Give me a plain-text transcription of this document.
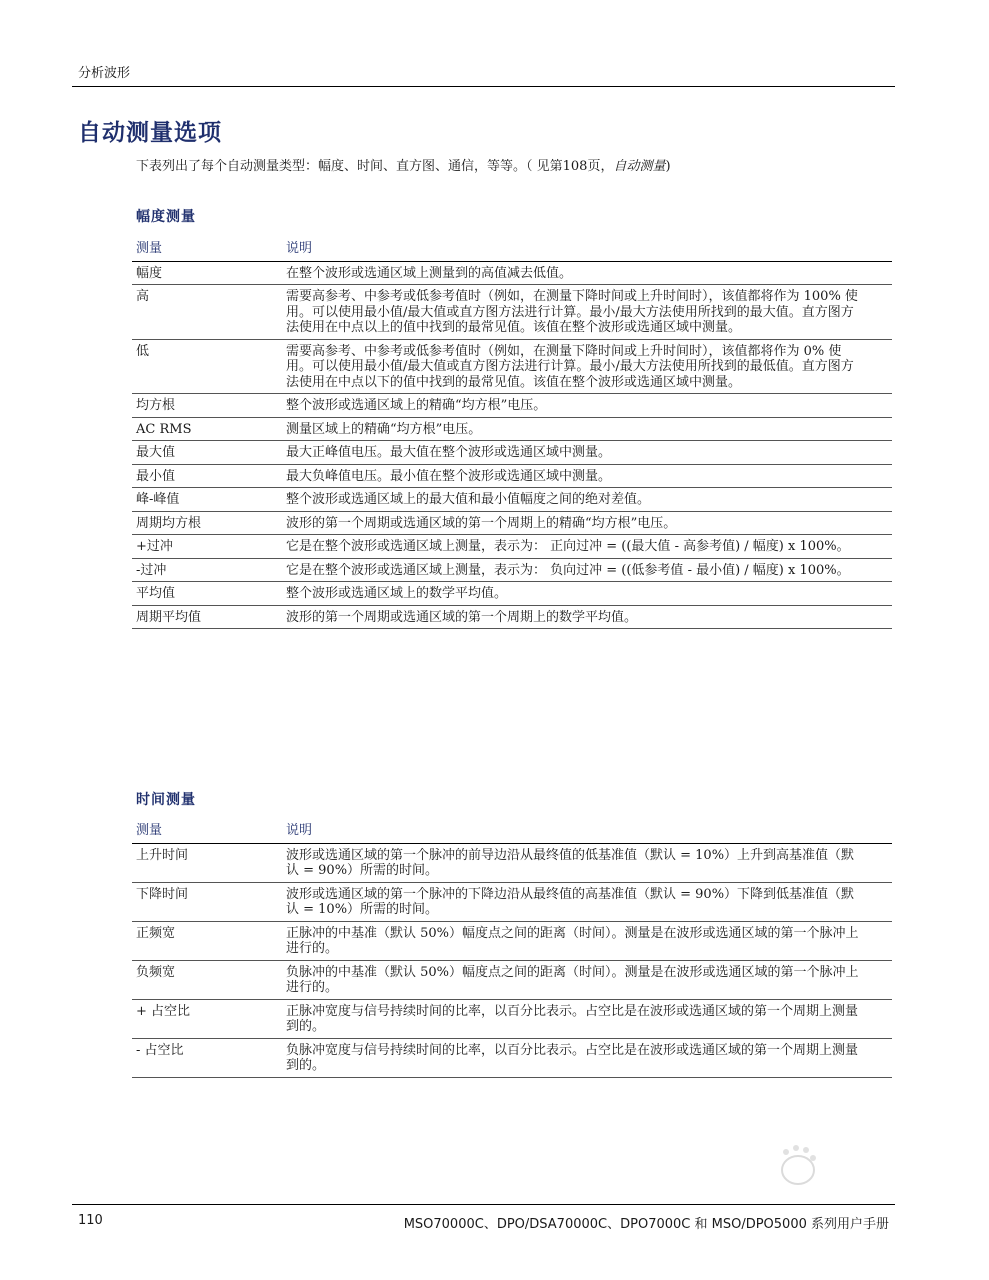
分析波形
自动测量选项
下表列出了每个自动测量类型：幅度、时间、直方图、通信，等等。（ 见第108页，自动测量)
幅度测量
测量	说明
幅度	在整个波形或选通区域上测量到的高值减去低值。
高	需要高参考、中参考或低参考值时（例如，在测量下降时间或上升时间时），该值都将作为 100% 使用。可以使用最小值/最大值或直方图方法进行计算。最小/最大方法使用所找到的最大值。直方图方法使用在中点以上的值中找到的最常见值。该值在整个波形或选通区域中测量。
低	需要高参考、中参考或低参考值时（例如，在测量下降时间或上升时间时），该值都将作为 0% 使用。可以使用最小值/最大值或直方图方法进行计算。最小/最大方法使用所找到的最低值。直方图方法使用在中点以下的值中找到的最常见值。该值在整个波形或选通区域中测量。
均方根	整个波形或选通区域上的精确“均方根”电压。
AC RMS	测量区域上的精确“均方根”电压。
最大值	最大正峰值电压。最大值在整个波形或选通区域中测量。
最小值	最大负峰值电压。最小值在整个波形或选通区域中测量。
峰-峰值	整个波形或选通区域上的最大值和最小值幅度之间的绝对差值。
周期均方根	波形的第一个周期或选通区域的第一个周期上的精确“均方根”电压。
+过冲	它是在整个波形或选通区域上测量，表示为： 正向过冲 = ((最大值 - 高参考值) / 幅度) x 100%。
-过冲	它是在整个波形或选通区域上测量，表示为： 负向过冲 = ((低参考值 - 最小值) / 幅度) x 100%。
平均值	整个波形或选通区域上的数学平均值。
周期平均值	波形的第一个周期或选通区域的第一个周期上的数学平均值。
时间测量
测量	说明
上升时间	波形或选通区域的第一个脉冲的前导边沿从最终值的低基准值（默认 = 10%）上升到高基准值（默认 = 90%）所需的时间。
下降时间	波形或选通区域的第一个脉冲的下降边沿从最终值的高基准值（默认 = 90%）下降到低基准值（默认 = 10%）所需的时间。
正频宽	正脉冲的中基准（默认 50%）幅度点之间的距离（时间）。测量是在波形或选通区域的第一个脉冲上进行的。
负频宽	负脉冲的中基准（默认 50%）幅度点之间的距离（时间）。测量是在波形或选通区域的第一个脉冲上进行的。
+ 占空比	正脉冲宽度与信号持续时间的比率，以百分比表示。占空比是在波形或选通区域的第一个周期上测量到的。
- 占空比	负脉冲宽度与信号持续时间的比率，以百分比表示。占空比是在波形或选通区域的第一个周期上测量到的。
110	MSO70000C、DPO/DSA70000C、DPO7000C 和 MSO/DPO5000 系列用户手册
